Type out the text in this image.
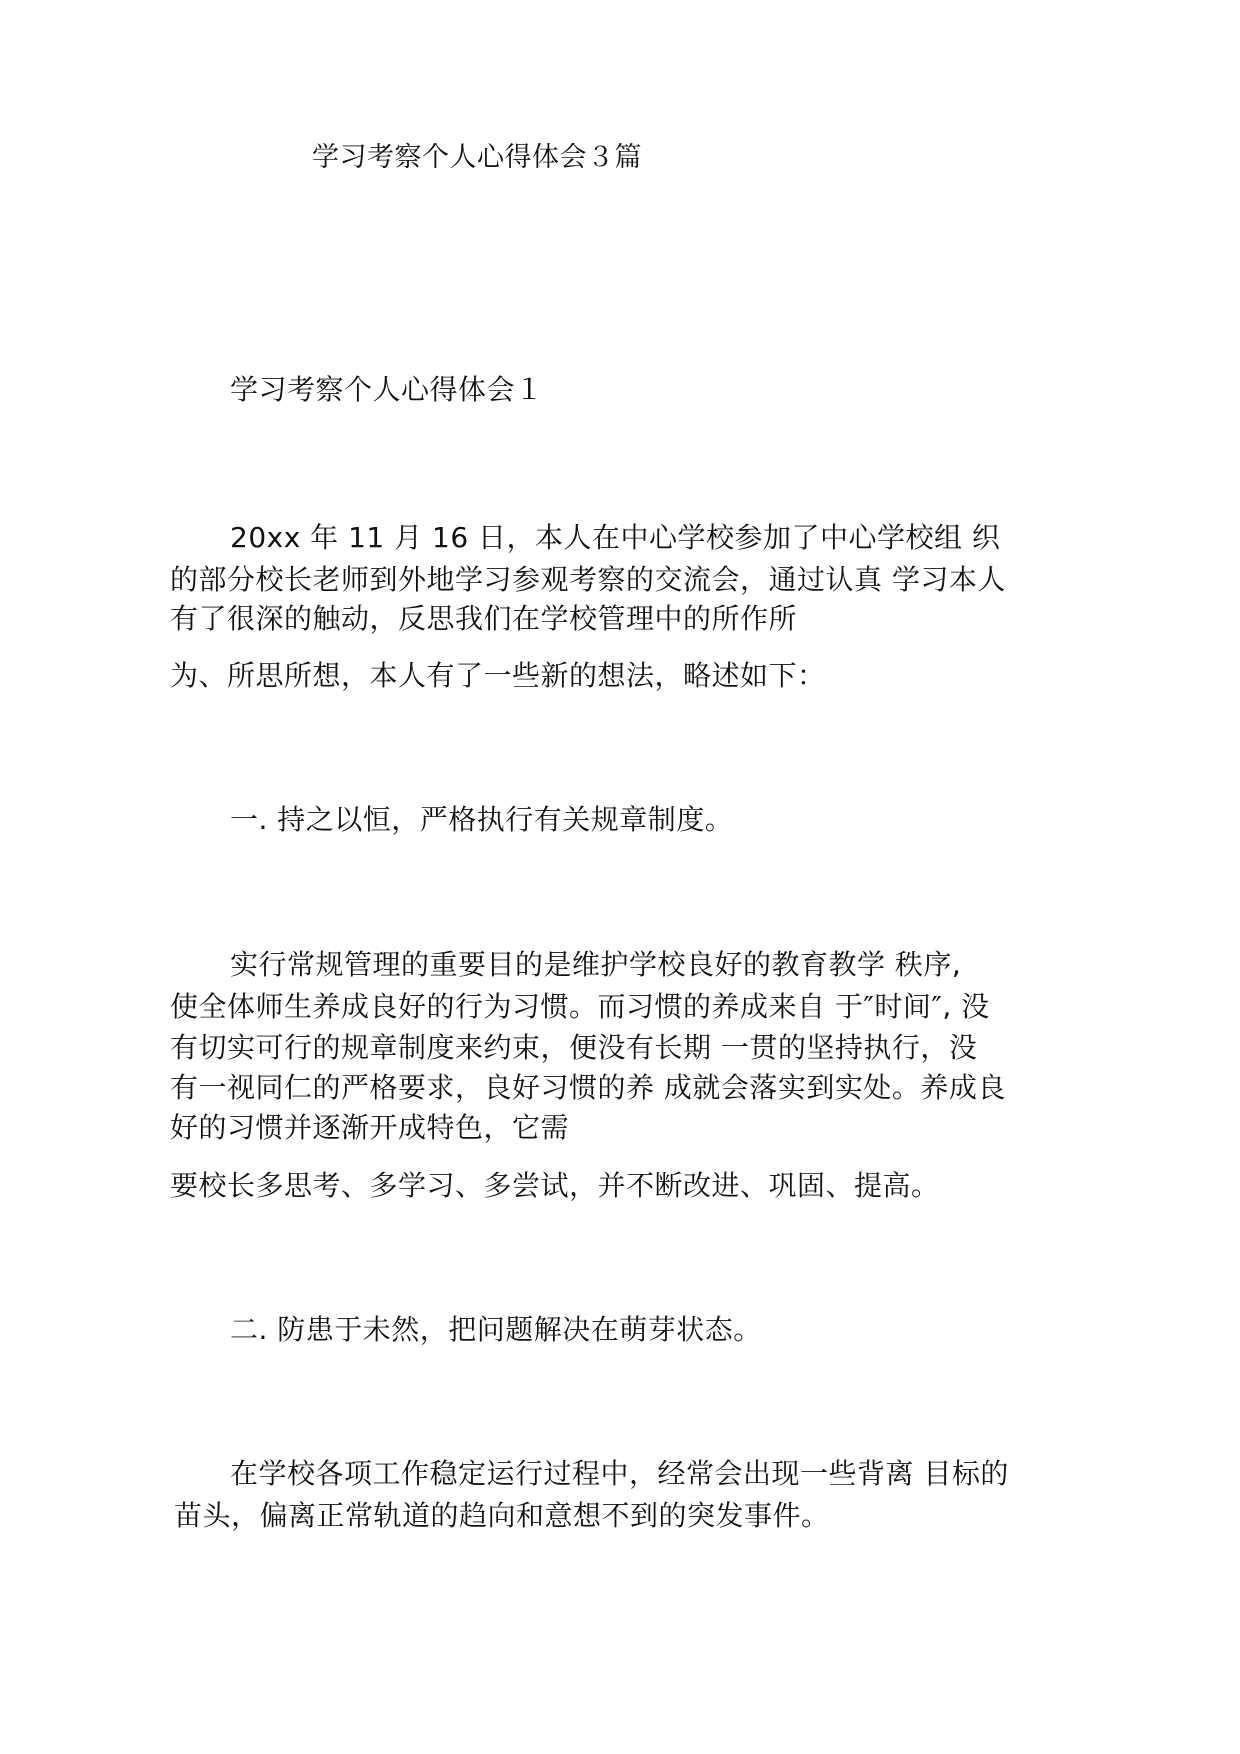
学习考察个人心得体会３篇
学习考察个人心得体会１
20xx 年 11 月 16 日，本人在中心学校参加了中心学校组 织
的部分校长老师到外地学习参观考察的交流会，通过认真 学习本人
有了很深的触动，反思我们在学校管理中的所作所
为、所思所想，本人有了一些新的想法，略述如下：
一. 持之以恒，严格执行有关规章制度。
实行常规管理的重要目的是维护学校良好的教育教学 秩序,
使全体师生养成良好的行为习惯。而习惯的养成来自 于″时间″, 没
有切实可行的规章制度来约束，便没有长期 一贯的坚持执行，没
有一视同仁的严格要求，良好习惯的养 成就会落实到实处。养成良
好的习惯并逐渐开成特色，它需
要校长多思考、多学习、多尝试，并不断改进、巩固、提高。
二. 防患于未然，把问题解决在萌芽状态。
在学校各项工作稳定运行过程中，经常会出现一些背离 目标的
苗头，偏离正常轨道的趋向和意想不到的突发事件。
